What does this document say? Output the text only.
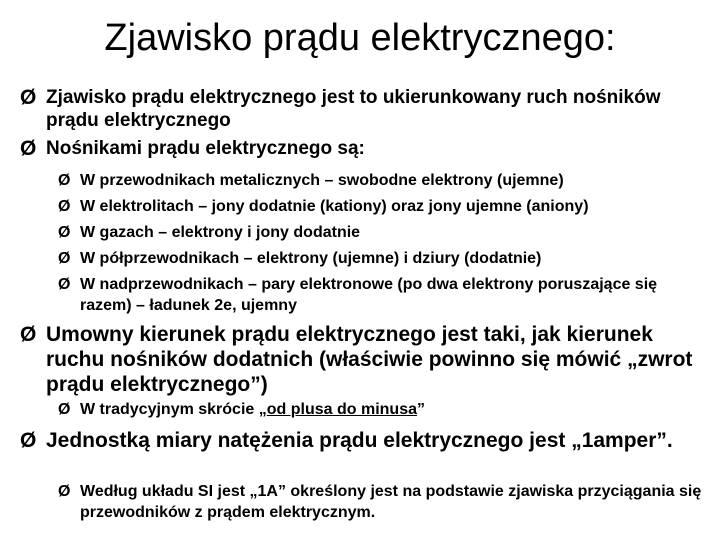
Zjawisko prądu elektrycznego:
Ø Zjawisko prądu elektrycznego jest to ukierunkowany ruch nośników prądu elektrycznego
Ø Nośnikami prądu elektrycznego są:
Ø W przewodnikach metalicznych – swobodne elektrony (ujemne)
Ø W elektrolitach – jony dodatnie (kationy) oraz jony ujemne (aniony)
Ø W gazach – elektrony i jony dodatnie
Ø W półprzewodnikach – elektrony (ujemne) i dziury (dodatnie)
Ø W nadprzewodnikach – pary elektronowe (po dwa elektrony poruszające się razem) – ładunek 2e, ujemny
Ø Umowny kierunek prądu elektrycznego jest taki, jak kierunek ruchu nośników dodatnich (właściwie powinno się mówić „zwrot prądu elektrycznego”)
Ø W tradycyjnym skrócie „od plusa do minusa”
Ø Jednostką miary natężenia prądu elektrycznego jest „1amper”.
Ø Według układu SI jest „1A” określony jest na podstawie zjawiska przyciągania się przewodników z prądem elektrycznym.
